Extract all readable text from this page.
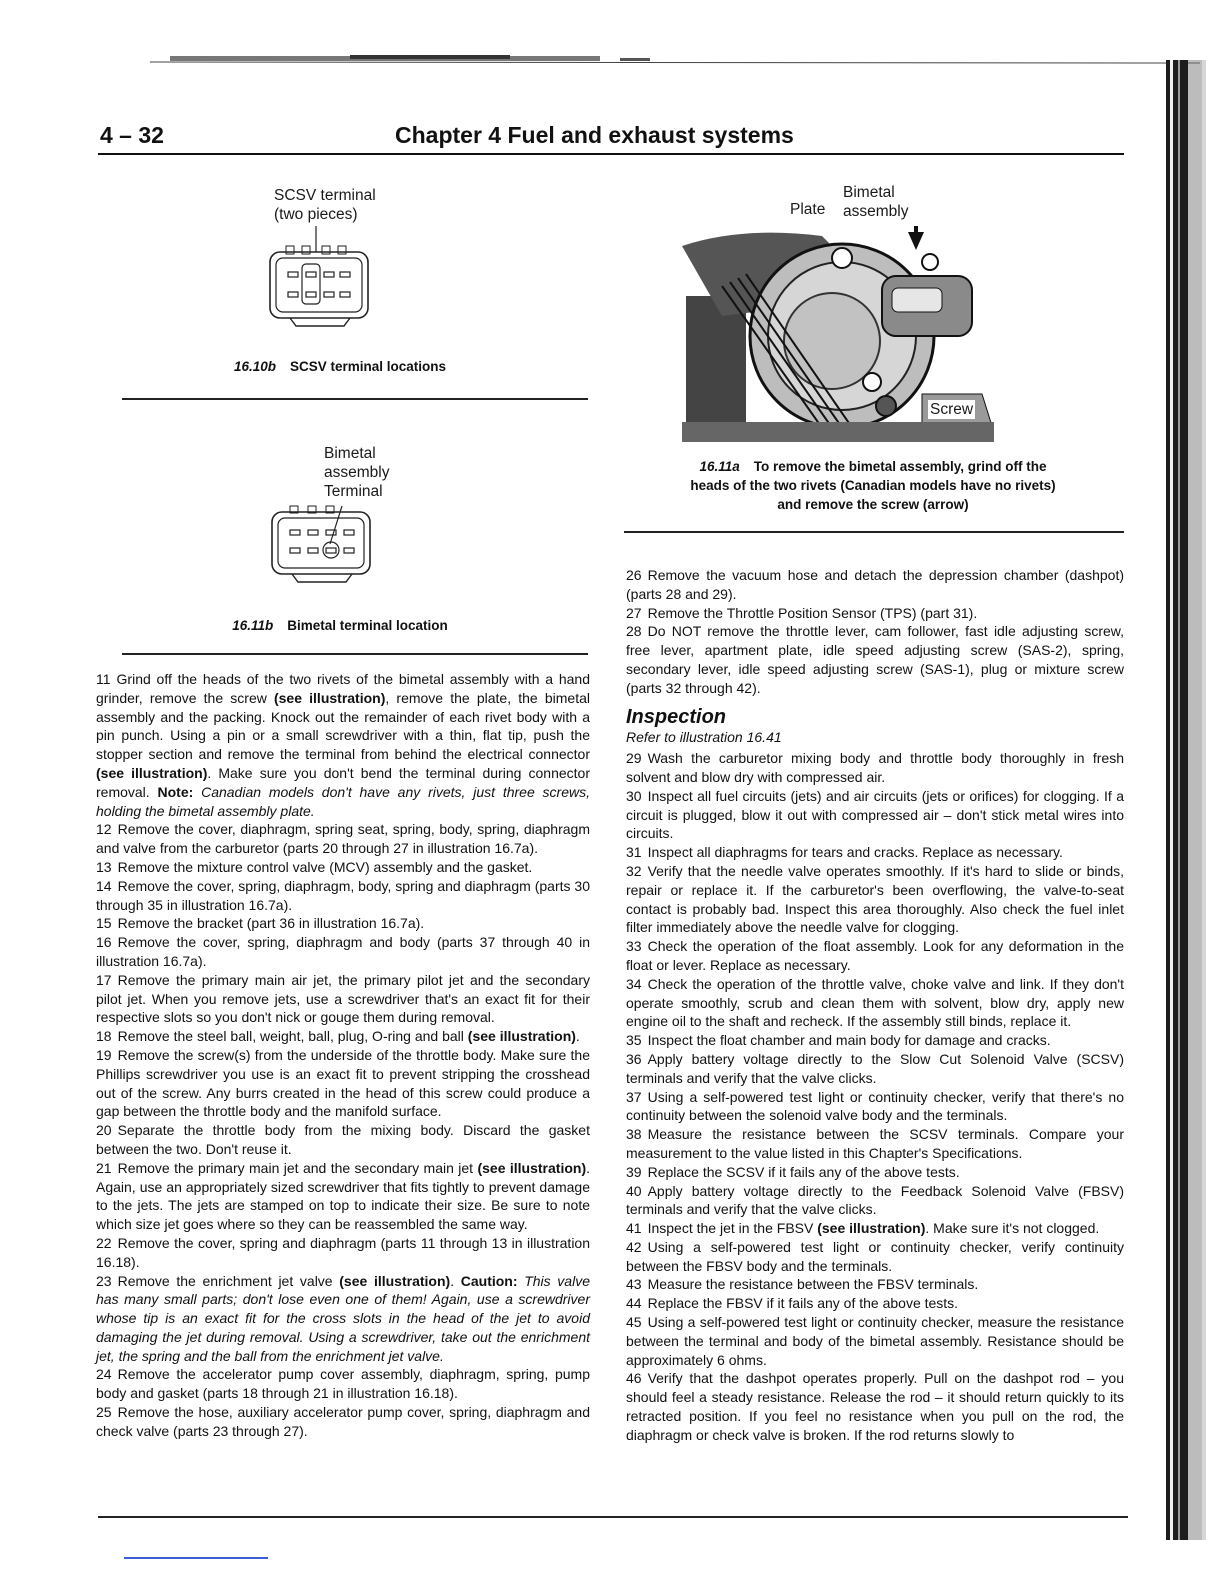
4 – 32	Chapter 4 Fuel and exhaust systems
SCSV terminal
(two pieces)
16.10b SCSV terminal locations
Bimetal
assembly
Terminal
16.11b Bimetal terminal location
Bimetal
assembly
Plate
Screw
16.11a To remove the bimetal assembly, grind off the
heads of the two rivets (Canadian models have no rivets)
and remove the screw (arrow)

11 Grind off the heads of the two rivets of the bimetal assembly with a hand grinder, remove the screw (see illustration), remove the plate, the bimetal assembly and the packing. Knock out the remainder of each rivet body with a pin punch. Using a pin or a small screwdriver with a thin, flat tip, push the stopper section and remove the terminal from behind the electrical connector (see illustration). Make sure you don't bend the terminal during connector removal. Note: Canadian models don't have any rivets, just three screws, holding the bimetal assembly plate.

12 Remove the cover, diaphragm, spring seat, spring, body, spring, diaphragm and valve from the carburetor (parts 20 through 27 in illustration 16.7a).

13 Remove the mixture control valve (MCV) assembly and the gasket.

14 Remove the cover, spring, diaphragm, body, spring and diaphragm (parts 30 through 35 in illustration 16.7a).

15 Remove the bracket (part 36 in illustration 16.7a).

16 Remove the cover, spring, diaphragm and body (parts 37 through 40 in illustration 16.7a).

17 Remove the primary main air jet, the primary pilot jet and the secondary pilot jet. When you remove jets, use a screwdriver that's an exact fit for their respective slots so you don't nick or gouge them during removal.

18 Remove the steel ball, weight, ball, plug, O-ring and ball (see illustration).

19 Remove the screw(s) from the underside of the throttle body. Make sure the Phillips screwdriver you use is an exact fit to prevent stripping the crosshead out of the screw. Any burrs created in the head of this screw could produce a gap between the throttle body and the manifold surface.

20 Separate the throttle body from the mixing body. Discard the gasket between the two. Don't reuse it.

21 Remove the primary main jet and the secondary main jet (see illustration). Again, use an appropriately sized screwdriver that fits tightly to prevent damage to the jets. The jets are stamped on top to indicate their size. Be sure to note which size jet goes where so they can be reassembled the same way.

22 Remove the cover, spring and diaphragm (parts 11 through 13 in illustration 16.18).

23 Remove the enrichment jet valve (see illustration). Caution: This valve has many small parts; don't lose even one of them! Again, use a screwdriver whose tip is an exact fit for the cross slots in the head of the jet to avoid damaging the jet during removal. Using a screwdriver, take out the enrichment jet, the spring and the ball from the enrichment jet valve.

24 Remove the accelerator pump cover assembly, diaphragm, spring, pump body and gasket (parts 18 through 21 in illustration 16.18).

25 Remove the hose, auxiliary accelerator pump cover, spring, diaphragm and check valve (parts 23 through 27).

26 Remove the vacuum hose and detach the depression chamber (dashpot) (parts 28 and 29).

27 Remove the Throttle Position Sensor (TPS) (part 31).

28 Do NOT remove the throttle lever, cam follower, fast idle adjusting screw, free lever, apartment plate, idle speed adjusting screw (SAS-2), spring, secondary lever, idle speed adjusting screw (SAS-1), plug or mixture screw (parts 32 through 42).

Inspection

Refer to illustration 16.41

29 Wash the carburetor mixing body and throttle body thoroughly in fresh solvent and blow dry with compressed air.

30 Inspect all fuel circuits (jets) and air circuits (jets or orifices) for clogging. If a circuit is plugged, blow it out with compressed air – don't stick metal wires into circuits.

31 Inspect all diaphragms for tears and cracks. Replace as necessary.

32 Verify that the needle valve operates smoothly. If it's hard to slide or binds, repair or replace it. If the carburetor's been overflowing, the valve-to-seat contact is probably bad. Inspect this area thoroughly. Also check the fuel inlet filter immediately above the needle valve for clogging.

33 Check the operation of the float assembly. Look for any deformation in the float or lever. Replace as necessary.

34 Check the operation of the throttle valve, choke valve and link. If they don't operate smoothly, scrub and clean them with solvent, blow dry, apply new engine oil to the shaft and recheck. If the assembly still binds, replace it.

35 Inspect the float chamber and main body for damage and cracks.

36 Apply battery voltage directly to the Slow Cut Solenoid Valve (SCSV) terminals and verify that the valve clicks.

37 Using a self-powered test light or continuity checker, verify that there's no continuity between the solenoid valve body and the terminals.

38 Measure the resistance between the SCSV terminals. Compare your measurement to the value listed in this Chapter's Specifications.

39 Replace the SCSV if it fails any of the above tests.

40 Apply battery voltage directly to the Feedback Solenoid Valve (FBSV) terminals and verify that the valve clicks.

41 Inspect the jet in the FBSV (see illustration). Make sure it's not clogged.

42 Using a self-powered test light or continuity checker, verify continuity between the FBSV body and the terminals.

43 Measure the resistance between the FBSV terminals.

44 Replace the FBSV if it fails any of the above tests.

45 Using a self-powered test light or continuity checker, measure the resistance between the terminal and body of the bimetal assembly. Resistance should be approximately 6 ohms.

46 Verify that the dashpot operates properly. Pull on the dashpot rod – you should feel a steady resistance. Release the rod – it should return quickly to its retracted position. If you feel no resistance when you pull on the rod, the diaphragm or check valve is broken. If the rod returns slowly to
